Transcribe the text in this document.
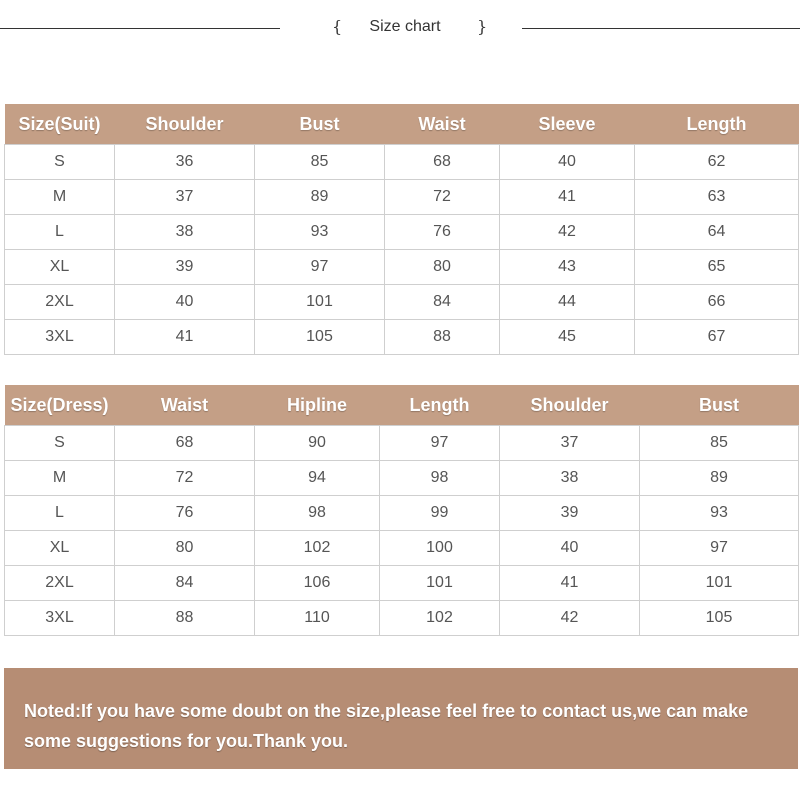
{	Size chart	}
Size(Suit)	Shoulder	Bust	Waist	Sleeve	Length
S	36	85	68	40	62
M	37	89	72	41	63
L	38	93	76	42	64
XL	39	97	80	43	65
2XL	40	101	84	44	66
3XL	41	105	88	45	67
Size(Dress)	Waist	Hipline	Length	Shoulder	Bust
S	68	90	97	37	85
M	72	94	98	38	89
L	76	98	99	39	93
XL	80	102	100	40	97
2XL	84	106	101	41	101
3XL	88	110	102	42	105
Noted:If you have some doubt on the size,please feel free to contact us,we can make some suggestions for you.Thank you.
